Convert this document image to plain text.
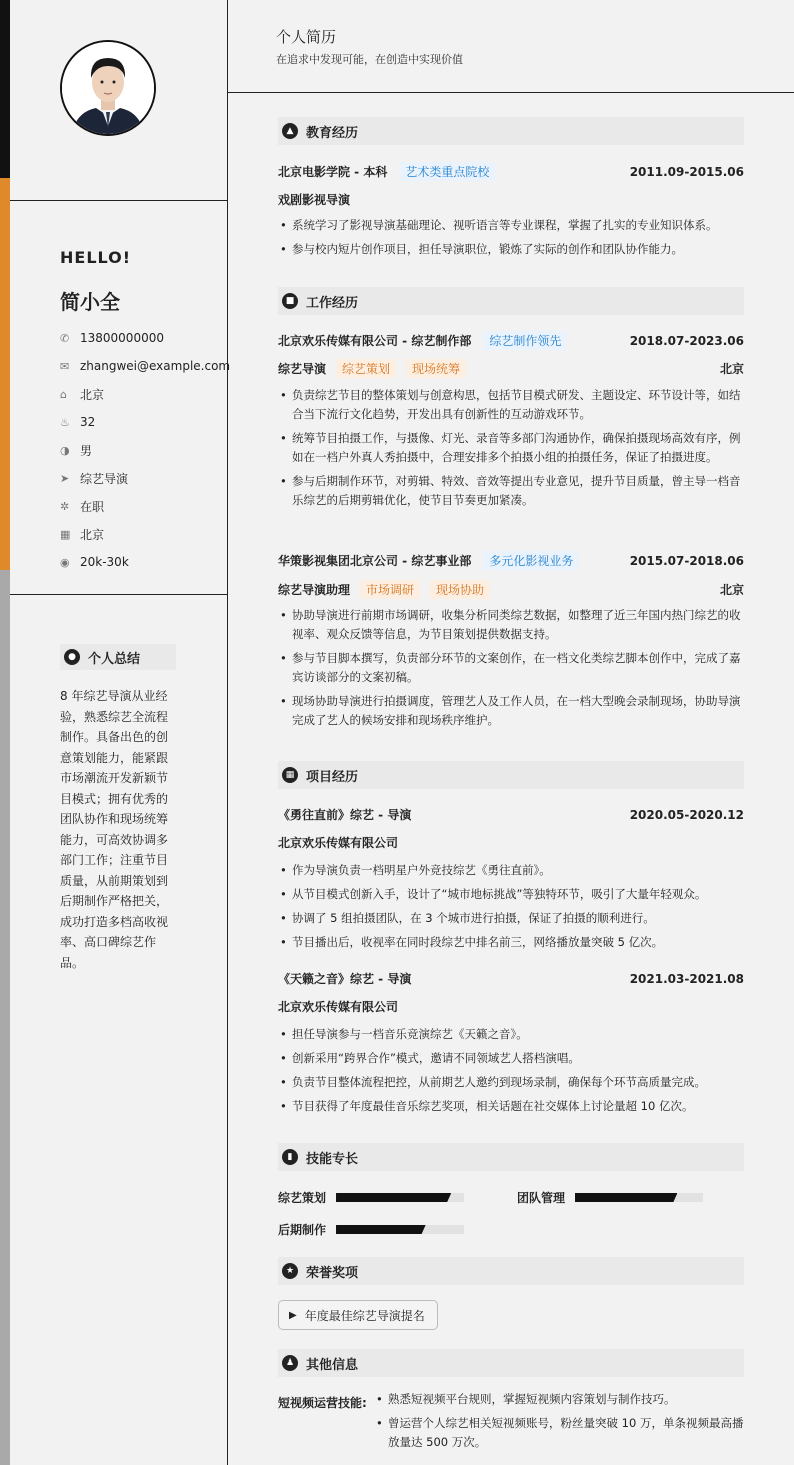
HELLO!
简小全
✆ 13800000000
✉ zhangwei@example.com
⌂	北京
♨ 32
◑ 男
➤ 综艺导演
✲ 在职
▦ 北京
◉ 20k-30k
● 个人总结
8 年综艺导演从业经
验，熟悉综艺全流程
制作。具备出色的创
意策划能力，能紧跟
市场潮流开发新颖节
目模式；拥有优秀的
团队协作和现场统筹
能力，可高效协调多
部门工作；注重节目
质量，从前期策划到
后期制作严格把关，
成功打造多档高收视
率、高口碑综艺作
品。
个人简历
在追求中发现可能，在创造中实现价值
▲ 教育经历
北京电影学院 - 本科	艺术类重点院校	2011.09-2015.06
戏剧影视导演
• 系统学习了影视导演基础理论、视听语言等专业课程，掌握了扎实的专业知识体系。
• 参与校内短片创作项目，担任导演职位，锻炼了实际的创作和团队协作能力。
■ 工作经历
北京欢乐传媒有限公司 - 综艺制作部	综艺制作领先	2018.07-2023.06
综艺导演	综艺策划	现场统筹	北京
• 负责综艺节目的整体策划与创意构思，包括节目模式研发、主题设定、环节设计等，如结合当下流行文化趋势，开发出具有创新性的互动游戏环节。
• 统筹节目拍摄工作，与摄像、灯光、录音等多部门沟通协作，确保拍摄现场高效有序，例如在一档户外真人秀拍摄中，合理安排多个拍摄小组的拍摄任务，保证了拍摄进度。
• 参与后期制作环节，对剪辑、特效、音效等提出专业意见，提升节目质量，曾主导一档音乐综艺的后期剪辑优化，使节目节奏更加紧凑。
华策影视集团北京公司 - 综艺事业部	多元化影视业务	2015.07-2018.06
综艺导演助理	市场调研	现场协助	北京
• 协助导演进行前期市场调研，收集分析同类综艺数据，如整理了近三年国内热门综艺的收视率、观众反馈等信息，为节目策划提供数据支持。
• 参与节目脚本撰写，负责部分环节的文案创作，在一档文化类综艺脚本创作中，完成了嘉宾访谈部分的文案初稿。
• 现场协助导演进行拍摄调度，管理艺人及工作人员，在一档大型晚会录制现场，协助导演完成了艺人的候场安排和现场秩序维护。
▦ 项目经历
《勇往直前》综艺 - 导演	2020.05-2020.12
北京欢乐传媒有限公司
• 作为导演负责一档明星户外竞技综艺《勇往直前》。
• 从节目模式创新入手，设计了“城市地标挑战”等独特环节，吸引了大量年轻观众。
• 协调了 5 组拍摄团队，在 3 个城市进行拍摄，保证了拍摄的顺利进行。
• 节目播出后，收视率在同时段综艺中排名前三，网络播放量突破 5 亿次。
《天籁之音》综艺 - 导演	2021.03-2021.08
北京欢乐传媒有限公司
• 担任导演参与一档音乐竞演综艺《天籁之音》。
• 创新采用“跨界合作”模式，邀请不同领域艺人搭档演唱。
• 负责节目整体流程把控，从前期艺人邀约到现场录制，确保每个环节高质量完成。
• 节目获得了年度最佳音乐综艺奖项，相关话题在社交媒体上讨论量超 10 亿次。
▮	技能专长
综艺策划	团队管理
后期制作
★ 荣誉奖项
▶ 年度最佳综艺导演提名
♟ 其他信息
短视频运营技能:
•	熟悉短视频平台规则，掌握短视频内容策划与制作技巧。
• 曾运营个人综艺相关短视频账号，粉丝量突破 10 万，单条视频最高播放量达 500 万次。
